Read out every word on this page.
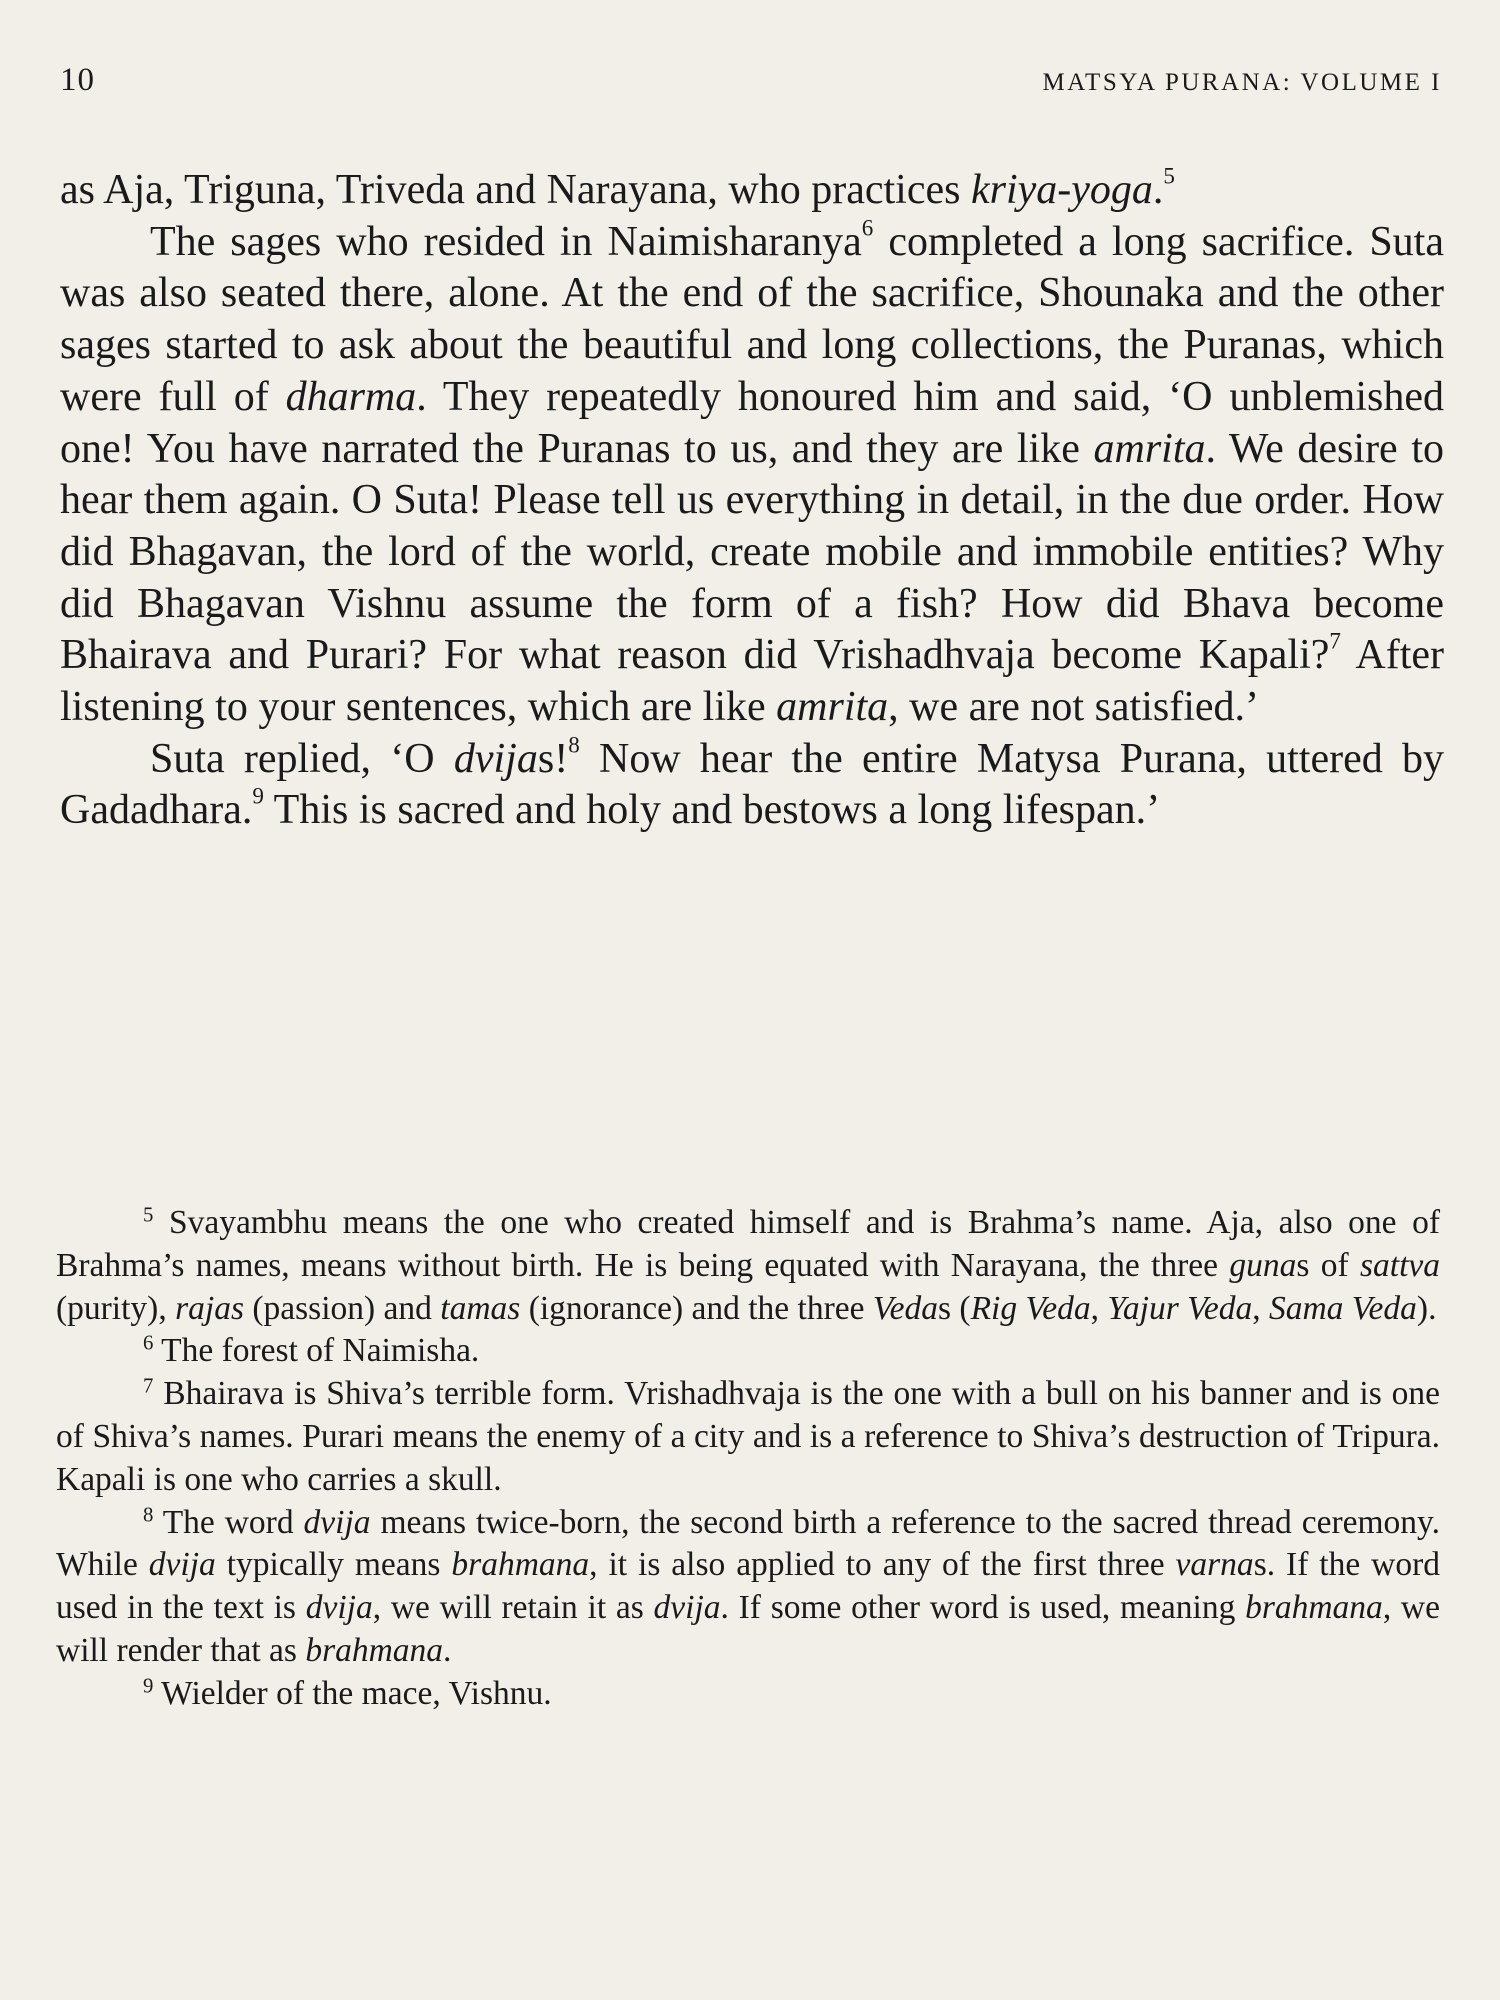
10	MATSYA PURANA: VOLUME I

as Aja, Triguna, Triveda and Narayana, who practices kriya-yoga.$^5$

The sages who resided in Naimisharanya$^6$ completed a long sacrifice. Suta was also seated there, alone. At the end of the sacrifice, Shounaka and the other sages started to ask about the beautiful and long collections, the Puranas, which were full of dharma. They repeatedly honoured him and said, ‘O unblemished one! You have narrated the Puranas to us, and they are like amrita. We desire to hear them again. O Suta! Please tell us everything in detail, in the due order. How did Bhagavan, the lord of the world, create mobile and immobile entities? Why did Bhagavan Vishnu assume the form of a fish? How did Bhava become Bhairava and Purari? For what reason did Vrishadhvaja become Kapali?$^7$ After listening to your sentences, which are like amrita, we are not satisfied.’

Suta replied, ‘O dvijas!$^8$ Now hear the entire Matysa Purana, uttered by Gadadhara.$^9$ This is sacred and holy and bestows a long lifespan.’

$^5$ Svayambhu means the one who created himself and is Brahma’s name. Aja, also one of Brahma’s names, means without birth. He is being equated with Narayana, the three gunas of sattva (purity), rajas (passion) and tamas (ignorance) and the three Vedas (Rig Veda, Yajur Veda, Sama Veda).

$^6$ The forest of Naimisha.

$^7$ Bhairava is Shiva’s terrible form. Vrishadhvaja is the one with a bull on his banner and is one of Shiva’s names. Purari means the enemy of a city and is a reference to Shiva’s destruction of Tripura. Kapali is one who carries a skull.

$^8$ The word dvija means twice-born, the second birth a reference to the sacred thread ceremony. While dvija typically means brahmana, it is also applied to any of the first three varnas. If the word used in the text is dvija, we will retain it as dvija. If some other word is used, meaning brahmana, we will render that as brahmana.

$^9$ Wielder of the mace, Vishnu.
